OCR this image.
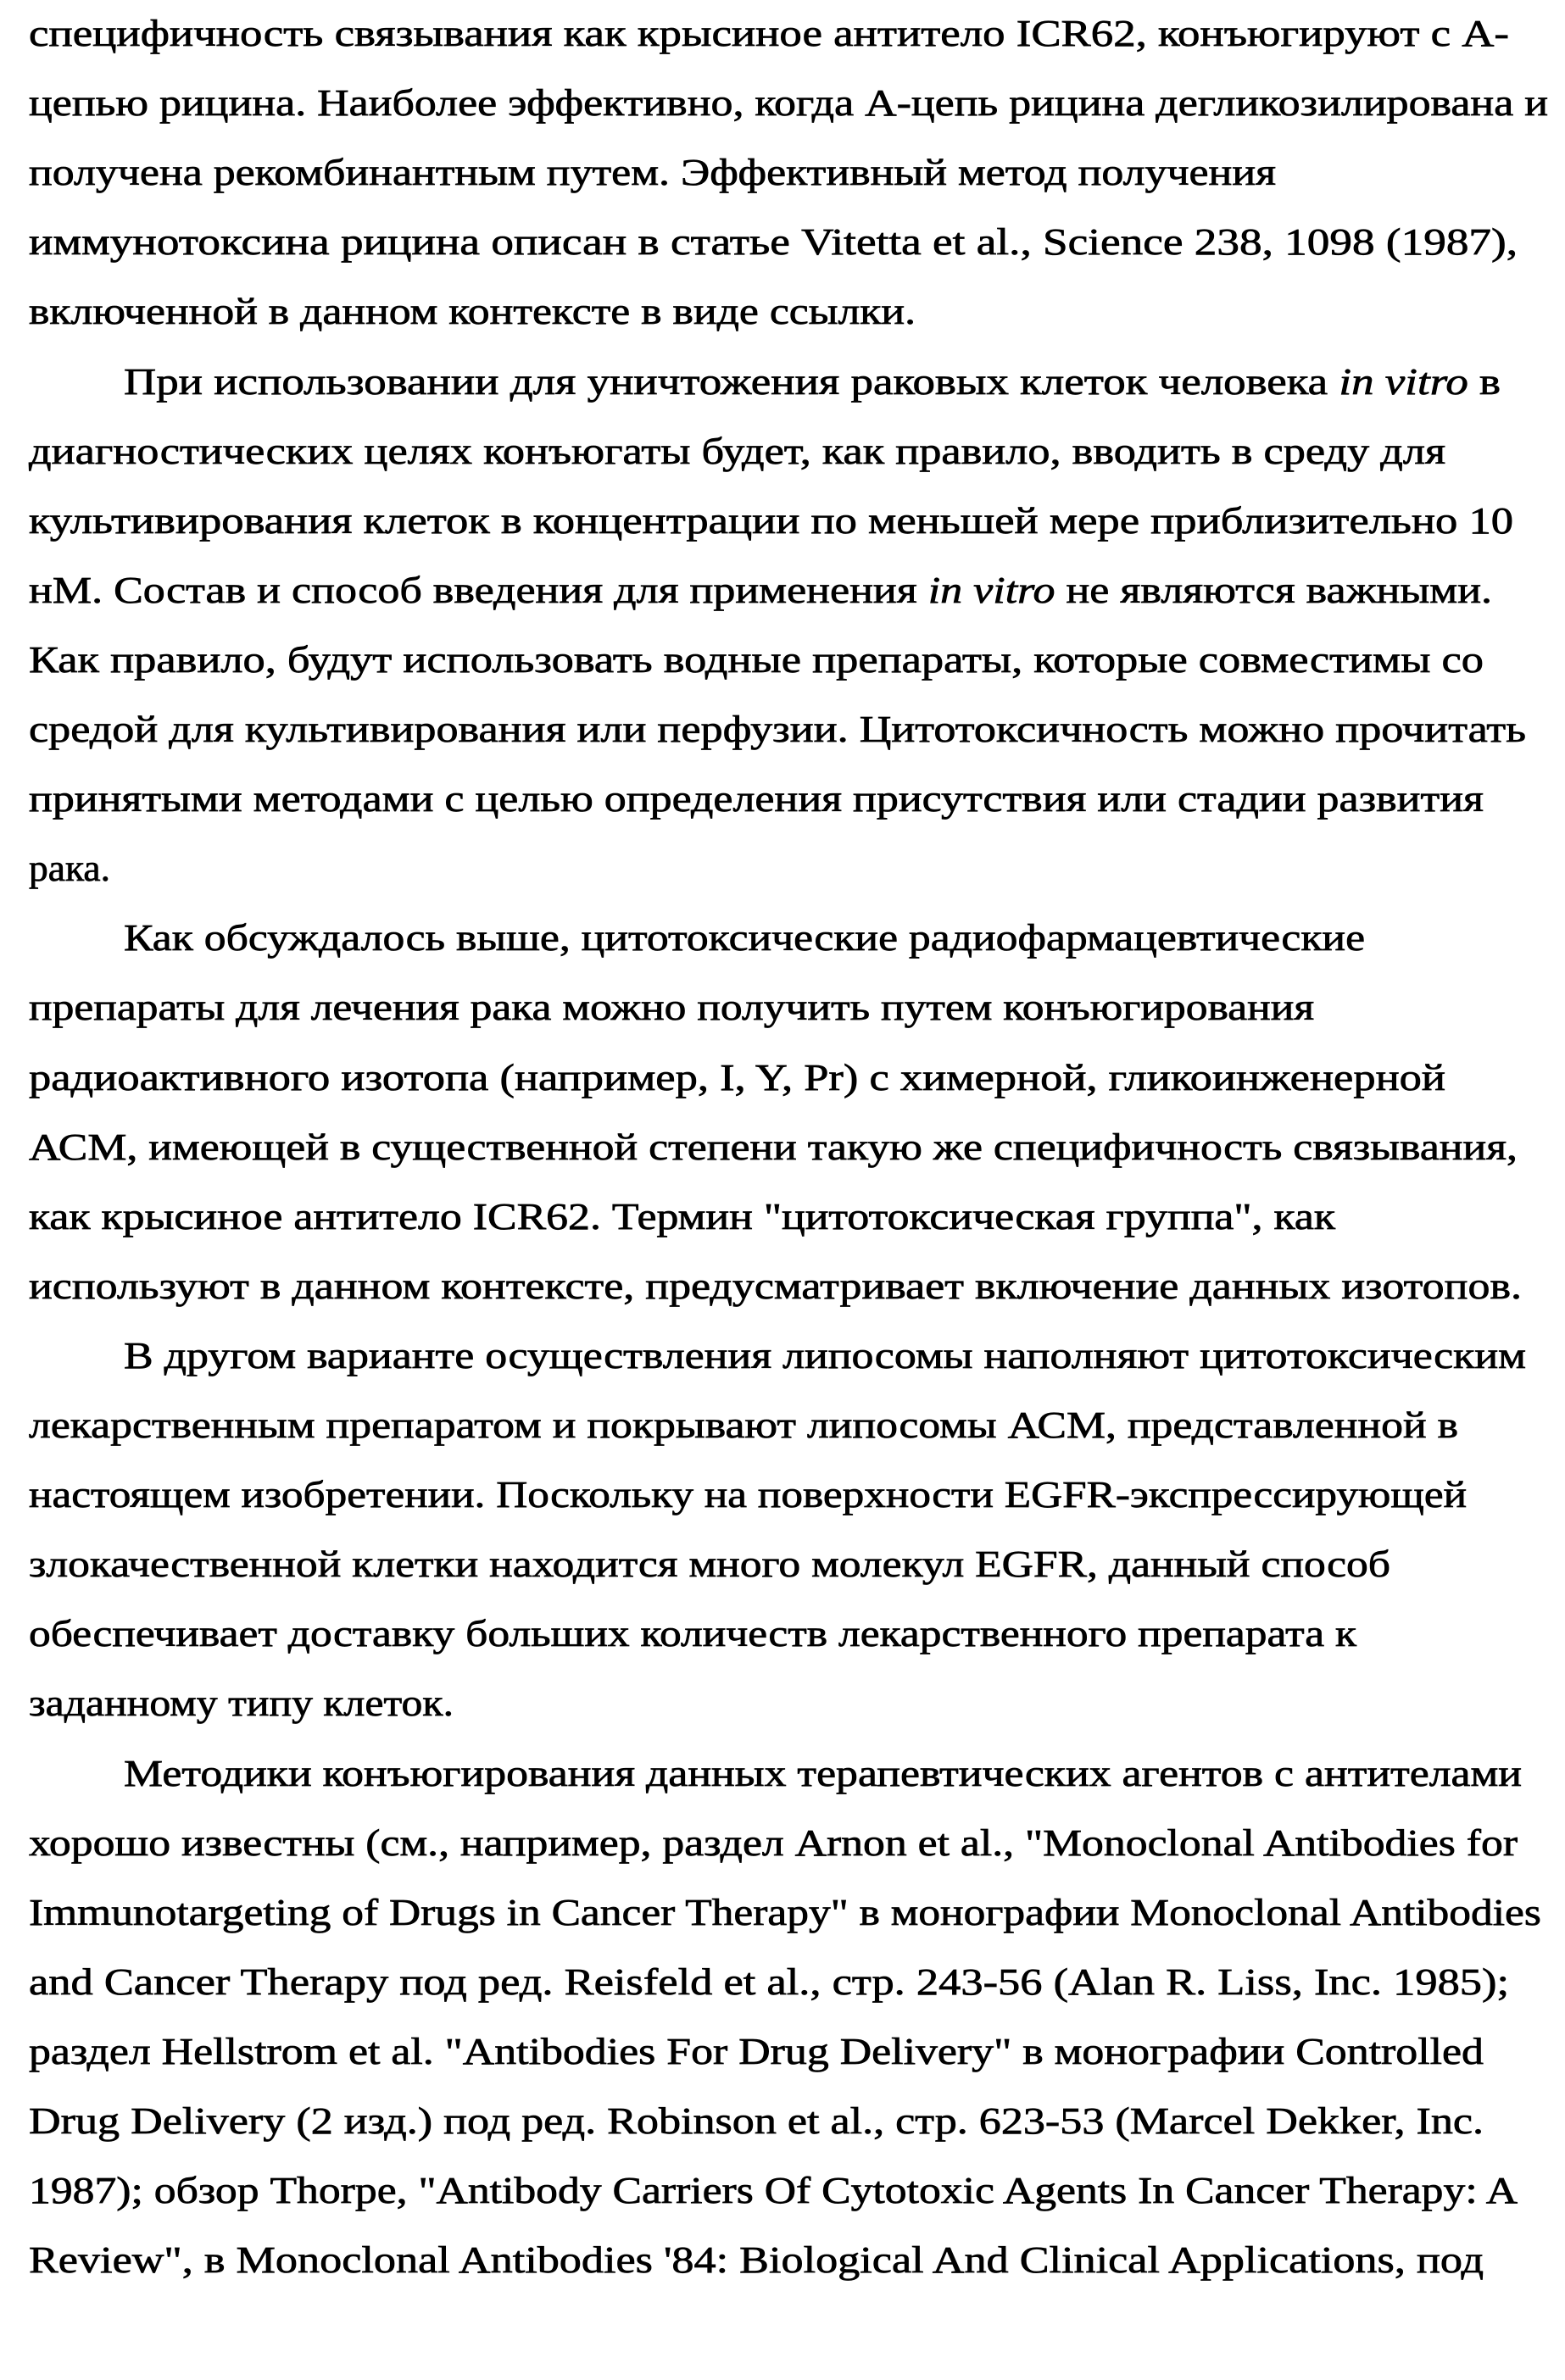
специфичность связывания как крысиное антитело ICR62, конъюгируют с А-
цепью рицина. Наиболее эффективно, когда А-цепь рицина дегликозилирована и
получена рекомбинантным путем. Эффективный метод получения
иммунотоксина рицина описан в статье Vitetta et al., Science 238, 1098 (1987),
включенной в данном контексте в виде ссылки.
При использовании для уничтожения раковых клеток человека in vitro в
диагностических целях конъюгаты будет, как правило, вводить в среду для
культивирования клеток в концентрации по меньшей мере приблизительно 10
нМ. Состав и способ введения для применения in vitro не являются важными.
Как правило, будут использовать водные препараты, которые совместимы со
средой для культивирования или перфузии. Цитотоксичность можно прочитать
принятыми методами с целью определения присутствия или стадии развития
рака.
Как обсуждалось выше, цитотоксические радиофармацевтические
препараты для лечения рака можно получить путем конъюгирования
радиоактивного изотопа (например, I, Y, Pr) с химерной, гликоинженерной
АСМ, имеющей в существенной степени такую же специфичность связывания,
как крысиное антитело ICR62. Термин "цитотоксическая группа", как
используют в данном контексте, предусматривает включение данных изотопов.
В другом варианте осуществления липосомы наполняют цитотоксическим
лекарственным препаратом и покрывают липосомы АСМ, представленной в
настоящем изобретении. Поскольку на поверхности EGFR-экспрессирующей
злокачественной клетки находится много молекул EGFR, данный способ
обеспечивает доставку больших количеств лекарственного препарата к
заданному типу клеток.
Методики конъюгирования данных терапевтических агентов с антителами
хорошо известны (см., например, раздел Arnon et al., "Monoclonal Antibodies for
Immunotargeting of Drugs in Cancer Therapy" в монографии Monoclonal Antibodies
and Cancer Therapy под ред. Reisfeld et al., стр. 243-56 (Alan R. Liss, Inc. 1985);
раздел Hellstrom et al. "Antibodies For Drug Delivery" в монографии Controlled
Drug Delivery (2 изд.) под ред. Robinson et al., стр. 623-53 (Marcel Dekker, Inc.
1987); обзор Thorpe, "Antibody Carriers Of Cytotoxic Agents In Cancer Therapy: A
Review", в Monoclonal Antibodies '84: Biological And Clinical Applications, под
